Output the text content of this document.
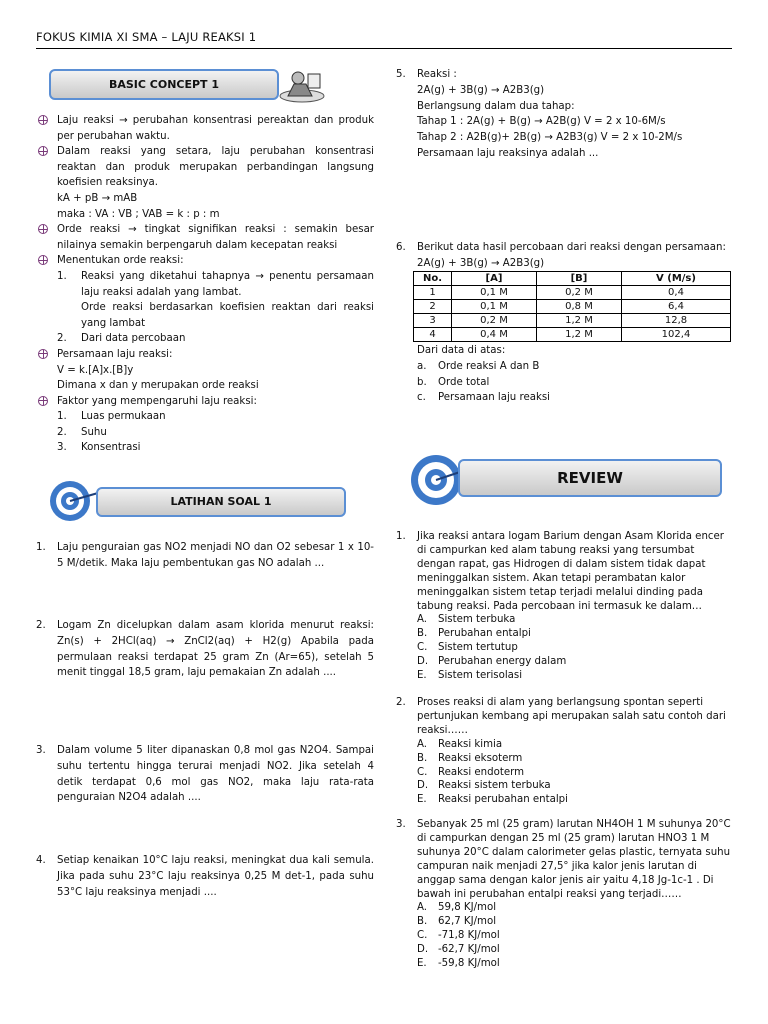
FOKUS KIMIA XI SMA – LAJU REAKSI 1
BASIC CONCEPT 1
Laju reaksi → perubahan konsentrasi pereaktan dan produk per perubahan waktu.
Dalam reaksi yang setara, laju perubahan konsentrasi reaktan dan produk merupakan perbandingan langsung koefisien reaksinya.

kA + pB → mAB

maka : VA : VB ; VAB = k : p : m

Orde reaksi → tingkat signifikan reaksi : semakin besar nilainya semakin berpengaruh dalam kecepatan reaksi
Menentukan orde reaksi:
1. Reaksi yang diketahui tahapnya → penentu persamaan laju reaksi adalah yang lambat.

Orde reaksi berdasarkan koefisien reaktan dari reaksi yang lambat

2. Dari data percobaan
Persamaan laju reaksi:

V = k.[A]x.[B]y

Dimana x dan y merupakan orde reaksi

Faktor yang mempengaruhi laju reaksi:
1. Luas permukaan
2. Suhu
3. Konsentrasi
LATIHAN SOAL 1
1. Laju penguraian gas NO2 menjadi NO dan O2 sebesar 1 x 10-5 M/detik. Maka laju pembentukan gas NO adalah ...

2. Logam Zn dicelupkan dalam asam klorida menurut reaksi: Zn(s) + 2HCl(aq) → ZnCl2(aq) + H2(g) Apabila pada permulaan reaksi terdapat 25 gram Zn (Ar=65), setelah 5 menit tinggal 18,5 gram, laju pemakaian Zn adalah ....

3. Dalam volume 5 liter dipanaskan 0,8 mol gas N2O4. Sampai suhu tertentu hingga terurai menjadi NO2. Jika setelah 4 detik terdapat 0,6 mol gas NO2, maka laju rata-rata penguraian N2O4 adalah ....

4. Setiap kenaikan 10°C laju reaksi, meningkat dua kali semula. Jika pada suhu 23°C laju reaksinya 0,25 M det-1, pada suhu 53°C laju reaksinya menjadi ....

5. Reaksi :

2A(g) + 3B(g) → A2B3(g)

Berlangsung dalam dua tahap:

Tahap 1 : 2A(g) + B(g) → A2B(g) V = 2 x 10-6M/s

Tahap 2 : A2B(g)+ 2B(g) → A2B3(g) V = 2 x 10-2M/s

Persamaan laju reaksinya adalah ...

6. Berikut data hasil percobaan dari reaksi dengan persamaan:

2A(g) + 3B(g) → A2B3(g)

No.	[A]	[B]	V (M/s)
1	0,1 M	0,2 M	0,4
2	0,1 M	0,8 M	6,4
3	0,2 M	1,2 M	12,8
4	0,4 M	1,2 M	102,4

Dari data di atas:

a. Orde reaksi A dan B
b. Orde total
c. Persamaan laju reaksi
REVIEW
1. Jika reaksi antara logam Barium dengan Asam Klorida encer di campurkan ked alam tabung reaksi yang tersumbat dengan rapat, gas Hidrogen di dalam sistem tidak dapat meninggalkan sistem. Akan tetapi perambatan kalor meninggalkan sistem tetap terjadi melalui dinding pada tabung reaksi. Pada percobaan ini termasuk ke dalam…

A. Sistem terbuka
B. Perubahan entalpi
C. Sistem tertutup
D. Perubahan energy dalam
E. Sistem terisolasi
2. Proses reaksi di alam yang berlangsung spontan seperti pertunjukan kembang api merupakan salah satu contoh dari reaksi……

A. Reaksi kimia
B. Reaksi eksoterm
C. Reaksi endoterm
D. Reaksi sistem terbuka
E. Reaksi perubahan entalpi
3. Sebanyak 25 ml (25 gram) larutan NH4OH 1 M suhunya 20°C di campurkan dengan 25 ml (25 gram) larutan HNO3 1 M suhunya 20°C dalam calorimeter gelas plastic, ternyata suhu campuran naik menjadi 27,5° jika kalor jenis larutan di anggap sama dengan kalor jenis air yaitu 4,18 Jg-1c-1 . Di bawah ini perubahan entalpi reaksi yang terjadi……

A. 59,8 KJ/mol
B. 62,7 KJ/mol
C. -71,8 KJ/mol
D. -62,7 KJ/mol
E. -59,8 KJ/mol
